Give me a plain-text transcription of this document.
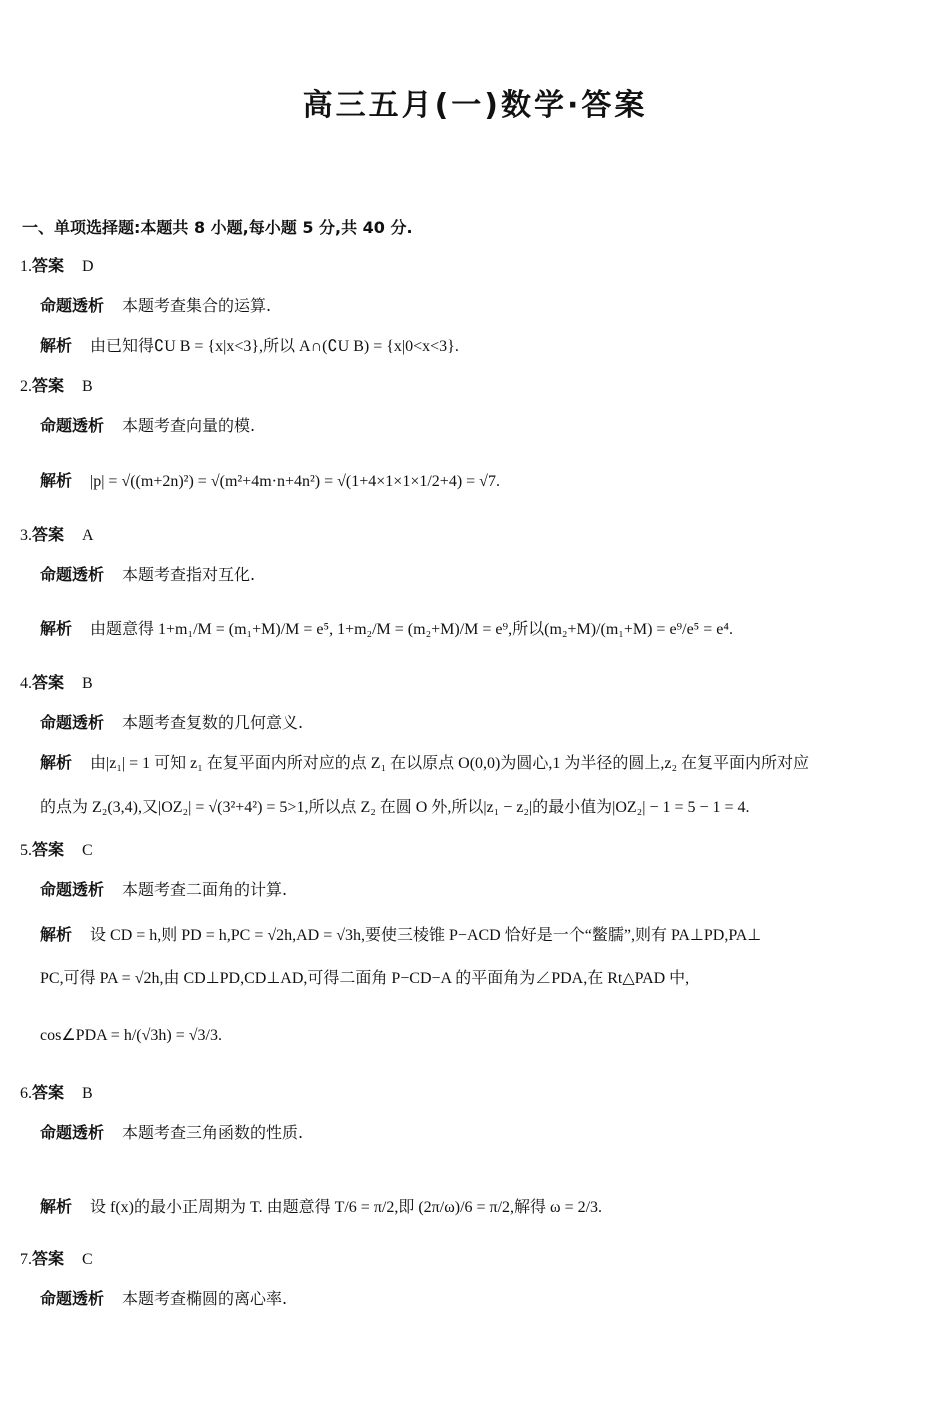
高三五月(一)数学·答案
一、单项选择题:本题共 8 小题,每小题 5 分,共 40 分.
1.答案 D
命题透析 本题考查集合的运算.
解析 由已知得∁U B = {x|x<3},所以 A∩(∁U B) = {x|0<x<3}.
2.答案 B
命题透析 本题考查向量的模.
解析 |p| = √((m+2n)²) = √(m²+4m·n+4n²) = √(1+4×1×1×1/2+4) = √7.
3.答案 A
命题透析 本题考查指对互化.
解析 由题意得 1+m₁/M = (m₁+M)/M = e⁵, 1+m₂/M = (m₂+M)/M = e⁹,所以(m₂+M)/(m₁+M) = e⁹/e⁵ = e⁴.
4.答案 B
命题透析 本题考查复数的几何意义.
解析 由|z₁| = 1 可知 z₁ 在复平面内所对应的点 Z₁ 在以原点 O(0,0)为圆心,1 为半径的圆上,z₂ 在复平面内所对应
的点为 Z₂(3,4),又|OZ₂| = √(3²+4²) = 5>1,所以点 Z₂ 在圆 O 外,所以|z₁ − z₂|的最小值为|OZ₂| − 1 = 5 − 1 = 4.
5.答案 C
命题透析 本题考查二面角的计算.
解析 设 CD = h,则 PD = h,PC = √2h,AD = √3h,要使三棱锥 P−ACD 恰好是一个“鳖臑”,则有 PA⊥PD,PA⊥
PC,可得 PA = √2h,由 CD⊥PD,CD⊥AD,可得二面角 P−CD−A 的平面角为∠PDA,在 Rt△PAD 中,
cos∠PDA = h/(√3h) = √3/3.
6.答案 B
命题透析 本题考查三角函数的性质.
解析 设 f(x)的最小正周期为 T. 由题意得 T/6 = π/2,即 (2π/ω)/6 = π/2,解得 ω = 2/3.
7.答案 C
命题透析 本题考查椭圆的离心率.
